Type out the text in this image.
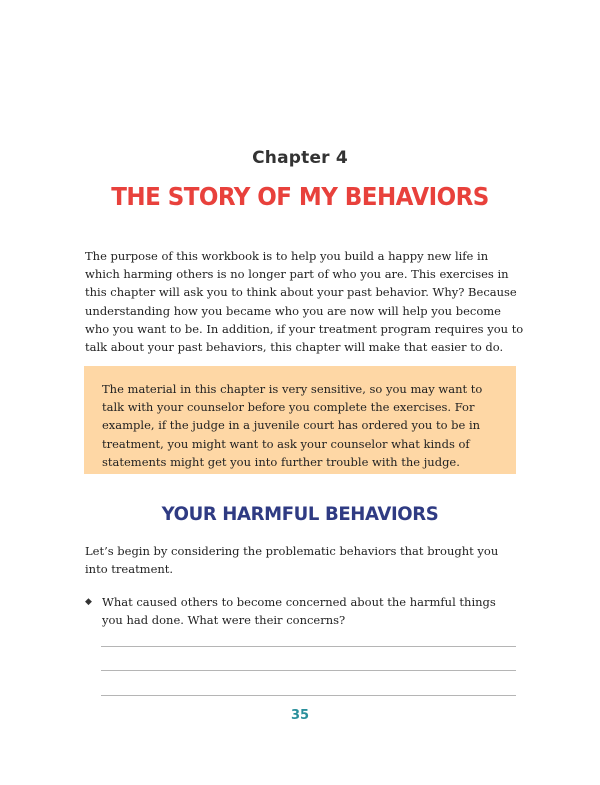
Chapter 4
THE STORY OF MY BEHAVIORS

The purpose of this workbook is to help you build a happy new life in which harming others is no longer part of who you are. This exercises in this chapter will ask you to think about your past behavior. Why? Because understanding how you became who you are now will help you become who you want to be. In addition, if your treatment program requires you to talk about your past behaviors, this chapter will make that easier to do.

The material in this chapter is very sensitive, so you may want to talk with your counselor before you complete the exercises. For example, if the judge in a juvenile court has ordered you to be in treatment, you might want to ask your counselor what kinds of statements might get you into further trouble with the judge.

YOUR HARMFUL BEHAVIORS

Let’s begin by considering the problematic behaviors that brought you into treatment.

◆ What caused others to become concerned about the harmful things you had done. What were their concerns?
35
